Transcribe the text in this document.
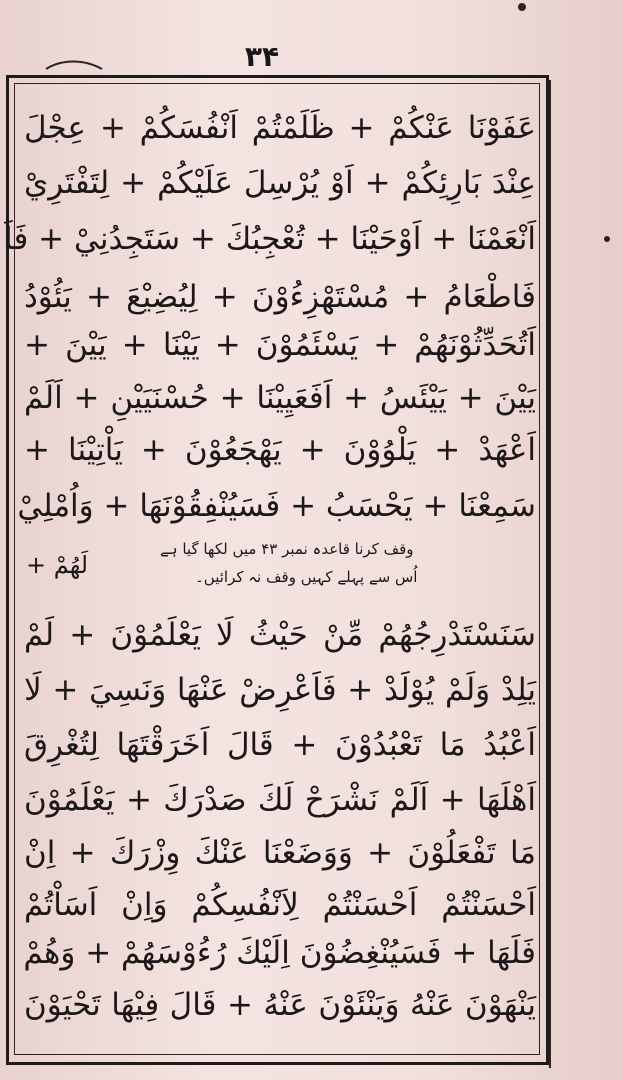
۳۴
عَفَوْنَا عَنْكُمْ + ظَلَمْتُمْ اَنْفُسَكُمْ + عِجْلَ
عِنْدَ بَارِئِكُمْ + اَوْ يُرْسِلَ عَلَيْكُمْ + لِتَفْتَرِيْ
اَنْعَمْنَا + اَوْحَيْنَا + تُعْجِبُكَ + سَتَجِدُنِيْ + فَاَ
فَاطْعَامُ + مُسْتَهْزِءُوْنَ + لِيُضِيْعَ + يَئُوْدُ
اَتُحَدِّثُوْنَهُمْ + يَسْئَمُوْنَ + يَيْنَا + يَيْنَ +
يَيْنَ + يَيْئَسُ + اَفَعَيِيْنَا + حُسْنَيَيْنِ + اَلَمْ
اَعْهَدْ + يَلْوُوْنَ + يَهْجَعُوْنَ + يَاْتِيْنَا +
سَمِعْنَا + يَحْسَبُ + فَسَيُنْفِقُوْنَهَا + وَاُمْلِيْ
لَهُمْ +
وقف کرنا قاعدہ نمبر ۴۳ میں لکھا گیا ہے
اُس سے پہلے کہیں وقف نہ کرائیں۔
سَنَسْتَدْرِجُهُمْ مِّنْ حَيْثُ لَا يَعْلَمُوْنَ + لَمْ
يَلِدْ وَلَمْ يُوْلَدْ + فَاَعْرِضْ عَنْهَا وَنَسِيَ + لَا
اَعْبُدُ مَا تَعْبُدُوْنَ + قَالَ اَخَرَقْتَهَا لِتُغْرِقَ
اَهْلَهَا + اَلَمْ نَشْرَحْ لَكَ صَدْرَكَ + يَعْلَمُوْنَ
مَا تَفْعَلُوْنَ + وَوَضَعْنَا عَنْكَ وِزْرَكَ + اِنْ
اَحْسَنْتُمْ اَحْسَنْتُمْ لِاَنْفُسِكُمْ وَاِنْ اَسَاْتُمْ
فَلَهَا + فَسَيُنْغِضُوْنَ اِلَيْكَ رُءُوْسَهُمْ + وَهُمْ
يَنْهَوْنَ عَنْهُ وَيَنْئَوْنَ عَنْهُ + قَالَ فِيْهَا تَحْيَوْنَ
